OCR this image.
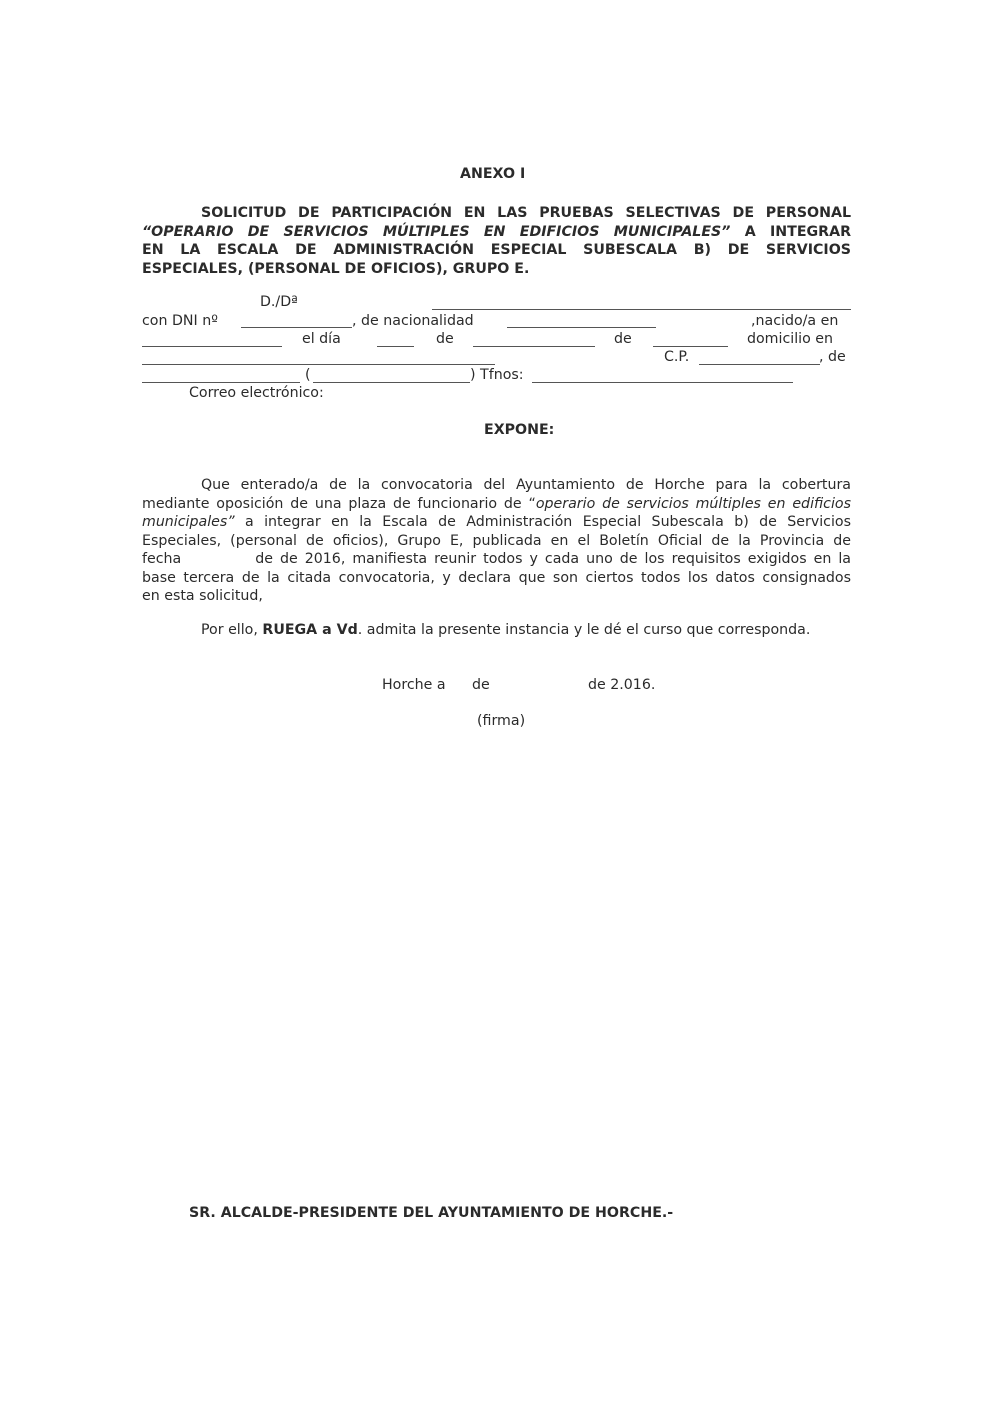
ANEXO I
SOLICITUD DE PARTICIPACIÓN EN LAS PRUEBAS SELECTIVAS DE PERSONAL
“OPERARIO DE SERVICIOS MÚLTIPLES EN EDIFICIOS MUNICIPALES” A INTEGRAR
EN LA ESCALA DE ADMINISTRACIÓN ESPECIAL SUBESCALA B) DE SERVICIOS
ESPECIALES, (PERSONAL DE OFICIOS), GRUPO E.
D./Dª
con DNI nº	, de nacionalidad	,nacido/a en
el día	de	de	domicilio en
C.P.	, de
(	) Tfnos:
Correo electrónico:
EXPONE:
Que enterado/a de la convocatoria del Ayuntamiento de Horche para la cobertura
mediante oposición de una plaza de funcionario de “operario de servicios múltiples en edificios
municipales” a integrar en la Escala de Administración Especial Subescala b) de Servicios
Especiales, (personal de oficios), Grupo E, publicada en el Boletín Oficial de la Provincia de
fecha	de de 2016, manifiesta reunir todos y cada uno de los requisitos exigidos en la
base tercera de la citada convocatoria, y declara que son ciertos todos los datos consignados
en esta solicitud,
Por ello, RUEGA a Vd. admita la presente instancia y le dé el curso que corresponda.
Horche a de	de 2.016.
(firma)
SR. ALCALDE-PRESIDENTE DEL AYUNTAMIENTO DE HORCHE.-
